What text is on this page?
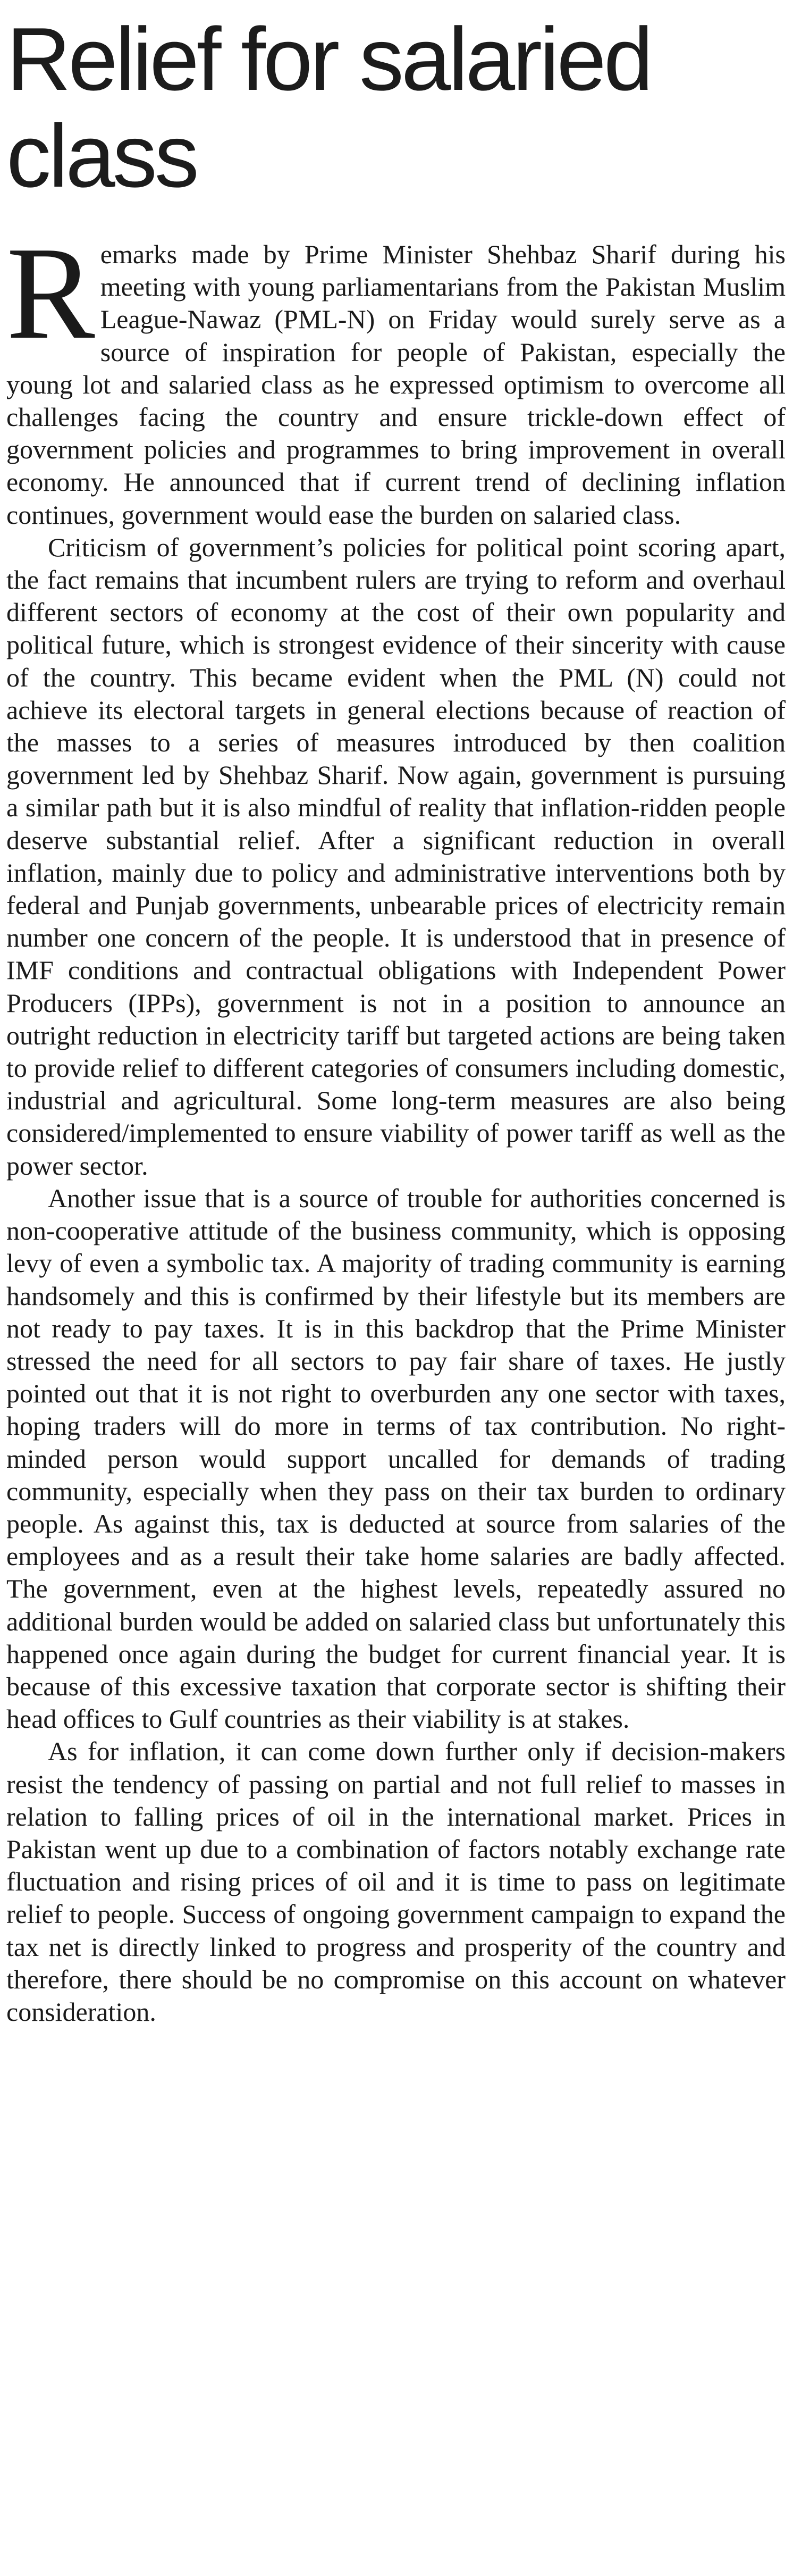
Relief for salaried class

Remarks made by Prime Minister Shehbaz Sharif during his meeting with young parliamentarians from the Pakistan Muslim League-Nawaz (PML-N) on Friday would surely serve as a source of inspiration for people of Pakistan, especially the young lot and salaried class as he expressed optimism to overcome all challenges facing the country and ensure trickle-down effect of government policies and programmes to bring improvement in overall economy. He announced that if current trend of declining inflation continues, government would ease the burden on salaried class.

Criticism of government’s policies for political point scoring apart, the fact remains that incumbent rulers are trying to reform and overhaul different sectors of economy at the cost of their own popularity and political future, which is strongest evidence of their sincerity with cause of the country. This became evident when the PML (N) could not achieve its electoral targets in general elections because of reaction of the masses to a series of measures introduced by then coalition government led by Shehbaz Sharif. Now again, government is pursuing a similar path but it is also mindful of reality that inflation-ridden people deserve substantial relief. After a significant reduction in overall inflation, mainly due to policy and administrative interventions both by federal and Punjab governments, unbearable prices of electricity remain number one concern of the people. It is understood that in presence of IMF conditions and contractual obligations with Independent Power Producers (IPPs), government is not in a position to announce an outright reduction in electricity tariff but targeted actions are being taken to provide relief to different categories of consumers including domestic, industrial and agricultural. Some long-term measures are also being considered/implemented to ensure viability of power tariff as well as the power sector.

Another issue that is a source of trouble for authorities concerned is non-cooperative attitude of the business community, which is opposing levy of even a symbolic tax. A majority of trading community is earning handsomely and this is confirmed by their lifestyle but its members are not ready to pay taxes. It is in this backdrop that the Prime Minister stressed the need for all sectors to pay fair share of taxes. He justly pointed out that it is not right to overburden any one sector with taxes, hoping traders will do more in terms of tax contribution. No right-minded person would support uncalled for demands of trading community, especially when they pass on their tax burden to ordinary people. As against this, tax is deducted at source from salaries of the employees and as a result their take home salaries are badly affected. The government, even at the highest levels, repeatedly assured no additional burden would be added on salaried class but unfortunately this happened once again during the budget for current financial year. It is because of this excessive taxation that corporate sector is shifting their head offices to Gulf countries as their viability is at stakes.

As for inflation, it can come down further only if decision-makers resist the tendency of passing on partial and not full relief to masses in relation to falling prices of oil in the international market. Prices in Pakistan went up due to a combination of factors notably exchange rate fluctuation and rising prices of oil and it is time to pass on legitimate relief to people. Success of ongoing government campaign to expand the tax net is directly linked to progress and prosperity of the country and therefore, there should be no compromise on this account on whatever consideration.
